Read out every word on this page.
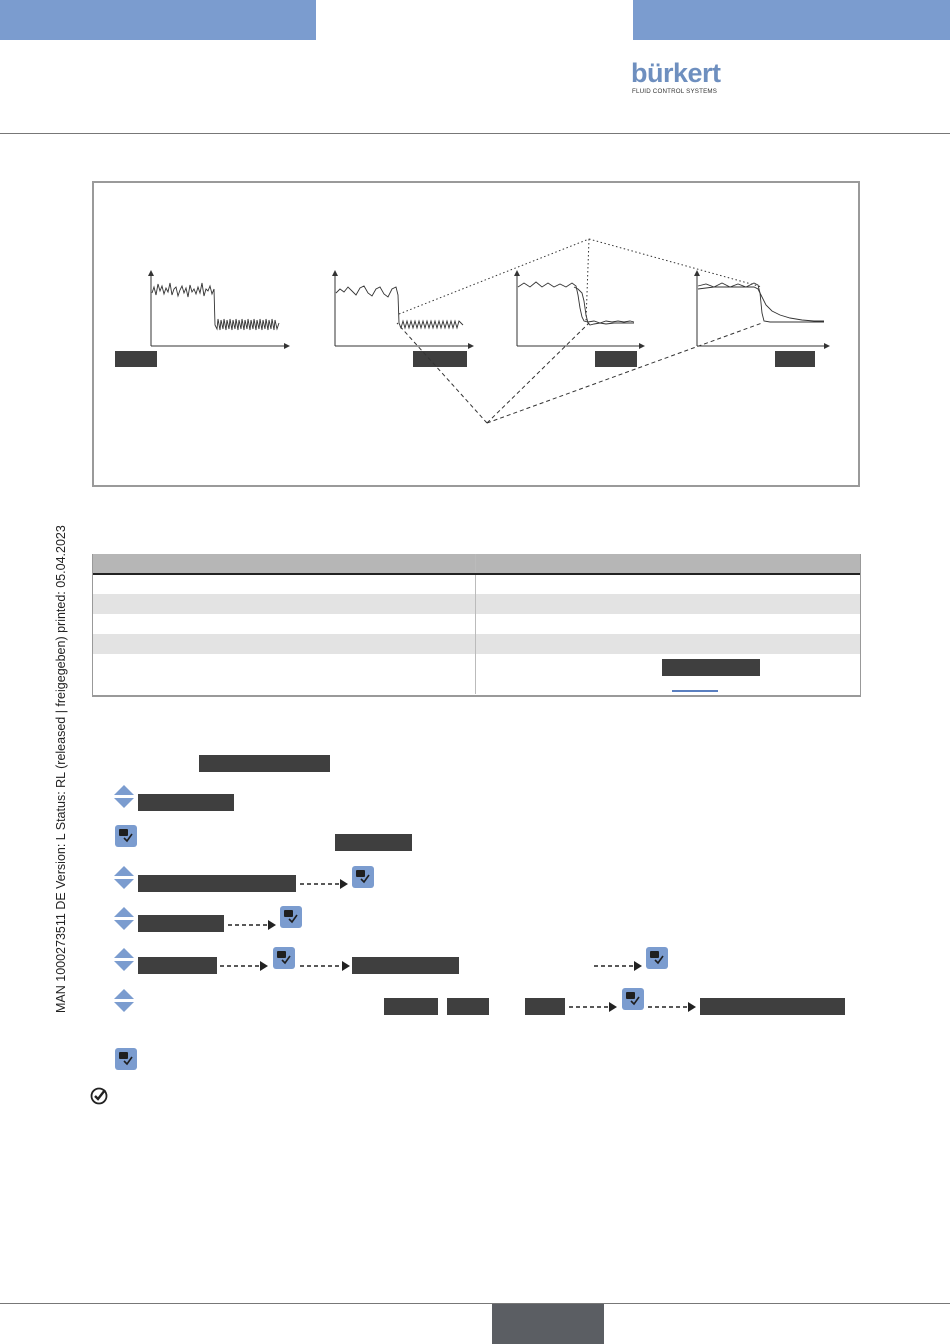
bürkert
FLUID CONTROL SYSTEMS
MAN 1000273511 DE Version: L Status: RL (released | freigegeben) printed: 05.04.2023
